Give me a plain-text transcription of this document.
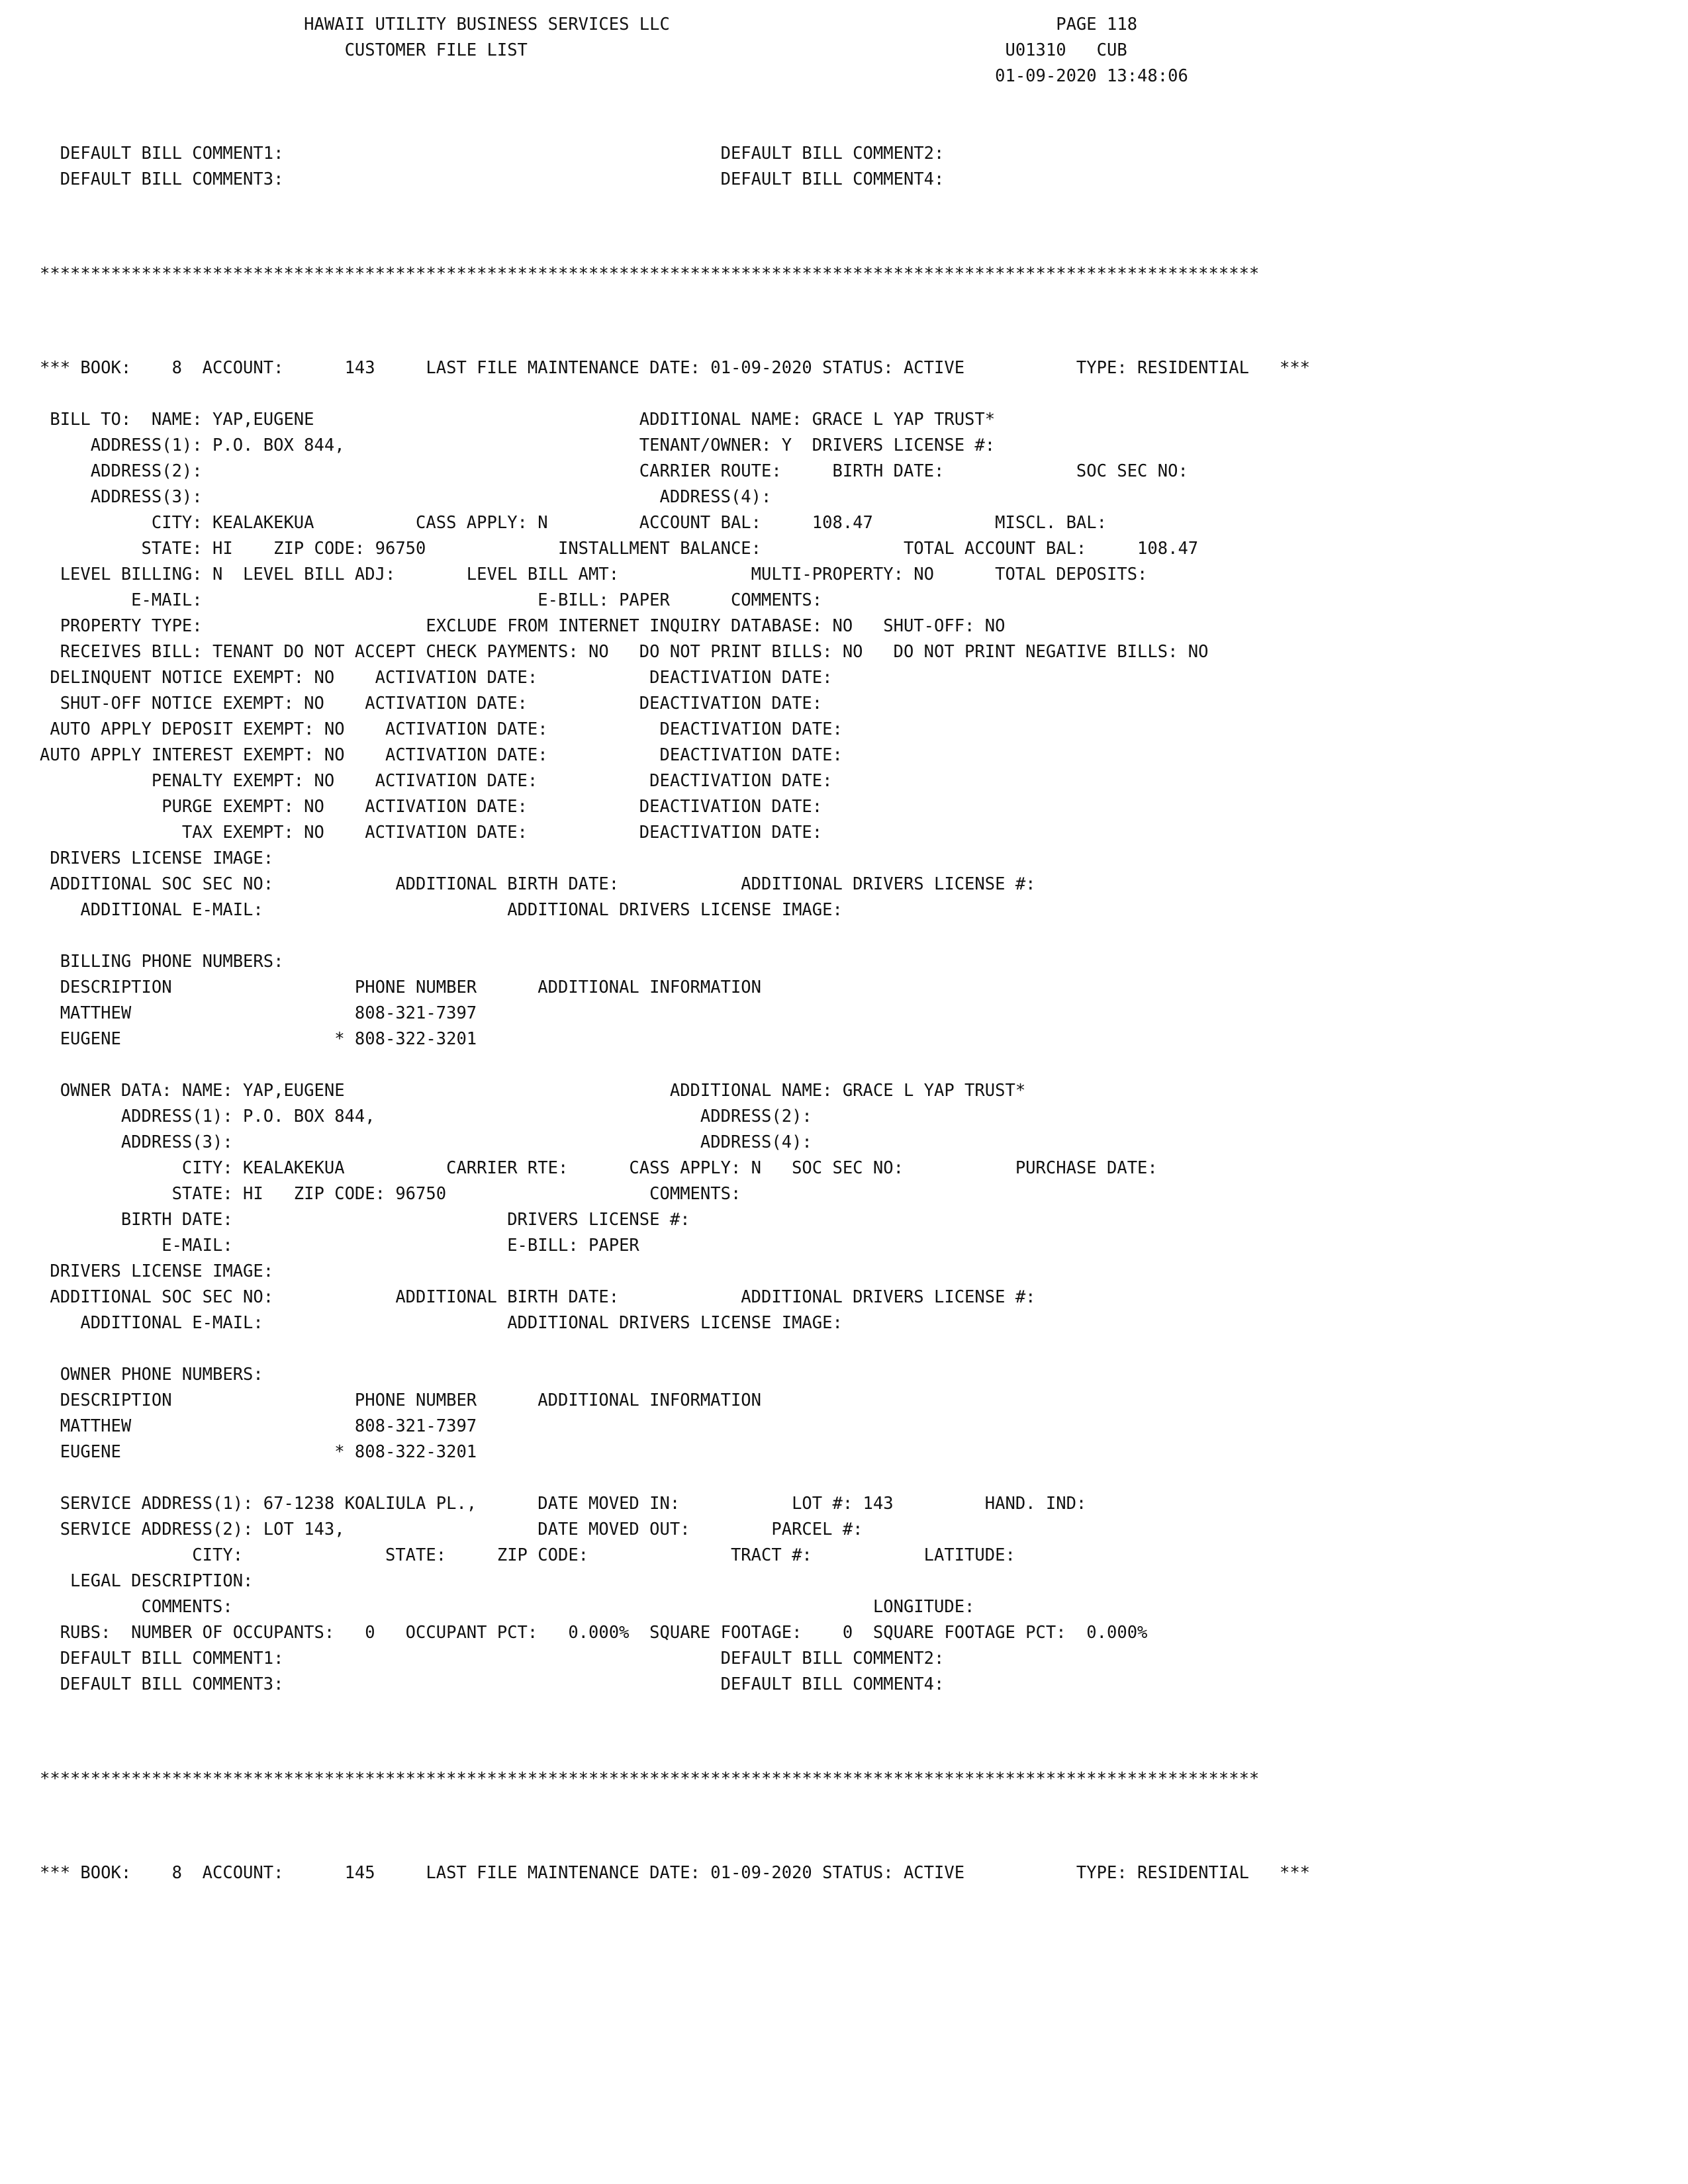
HAWAII UTILITY BUSINESS SERVICES LLC                                      PAGE 118
CUSTOMER FILE LIST                                               U01310   CUB
01-09-2020 13:48:06

DEFAULT BILL COMMENT1:                                           DEFAULT BILL COMMENT2:
DEFAULT BILL COMMENT3:                                           DEFAULT BILL COMMENT4:

************************************************************************************************************************

*** BOOK:    8  ACCOUNT:      143     LAST FILE MAINTENANCE DATE: 01-09-2020 STATUS: ACTIVE           TYPE: RESIDENTIAL   ***

BILL TO:  NAME: YAP,EUGENE                                ADDITIONAL NAME: GRACE L YAP TRUST*
ADDRESS(1): P.O. BOX 844,                             TENANT/OWNER: Y  DRIVERS LICENSE #:
ADDRESS(2):                                           CARRIER ROUTE:     BIRTH DATE:             SOC SEC NO:
ADDRESS(3):                                             ADDRESS(4):
CITY: KEALAKEKUA          CASS APPLY: N         ACCOUNT BAL:     108.47            MISCL. BAL:
STATE: HI    ZIP CODE: 96750             INSTALLMENT BALANCE:              TOTAL ACCOUNT BAL:     108.47
LEVEL BILLING: N  LEVEL BILL ADJ:       LEVEL BILL AMT:             MULTI-PROPERTY: NO      TOTAL DEPOSITS:
E-MAIL:                                 E-BILL: PAPER      COMMENTS:
PROPERTY TYPE:                      EXCLUDE FROM INTERNET INQUIRY DATABASE: NO   SHUT-OFF: NO
RECEIVES BILL: TENANT DO NOT ACCEPT CHECK PAYMENTS: NO   DO NOT PRINT BILLS: NO   DO NOT PRINT NEGATIVE BILLS: NO
DELINQUENT NOTICE EXEMPT: NO    ACTIVATION DATE:           DEACTIVATION DATE:
SHUT-OFF NOTICE EXEMPT: NO    ACTIVATION DATE:           DEACTIVATION DATE:
AUTO APPLY DEPOSIT EXEMPT: NO    ACTIVATION DATE:           DEACTIVATION DATE:
AUTO APPLY INTEREST EXEMPT: NO    ACTIVATION DATE:           DEACTIVATION DATE:
PENALTY EXEMPT: NO    ACTIVATION DATE:           DEACTIVATION DATE:
PURGE EXEMPT: NO    ACTIVATION DATE:           DEACTIVATION DATE:
TAX EXEMPT: NO    ACTIVATION DATE:           DEACTIVATION DATE:
DRIVERS LICENSE IMAGE:
ADDITIONAL SOC SEC NO:            ADDITIONAL BIRTH DATE:            ADDITIONAL DRIVERS LICENSE #:
ADDITIONAL E-MAIL:                        ADDITIONAL DRIVERS LICENSE IMAGE:

BILLING PHONE NUMBERS:
DESCRIPTION                  PHONE NUMBER      ADDITIONAL INFORMATION
MATTHEW                      808-321-7397
EUGENE                     * 808-322-3201

OWNER DATA: NAME: YAP,EUGENE                                ADDITIONAL NAME: GRACE L YAP TRUST*
ADDRESS(1): P.O. BOX 844,                                ADDRESS(2):
ADDRESS(3):                                              ADDRESS(4):
CITY: KEALAKEKUA          CARRIER RTE:      CASS APPLY: N   SOC SEC NO:           PURCHASE DATE:
STATE: HI   ZIP CODE: 96750                    COMMENTS:
BIRTH DATE:                           DRIVERS LICENSE #:
E-MAIL:                           E-BILL: PAPER
DRIVERS LICENSE IMAGE:
ADDITIONAL SOC SEC NO:            ADDITIONAL BIRTH DATE:            ADDITIONAL DRIVERS LICENSE #:
ADDITIONAL E-MAIL:                        ADDITIONAL DRIVERS LICENSE IMAGE:

OWNER PHONE NUMBERS:
DESCRIPTION                  PHONE NUMBER      ADDITIONAL INFORMATION
MATTHEW                      808-321-7397
EUGENE                     * 808-322-3201

SERVICE ADDRESS(1): 67-1238 KOALIULA PL.,      DATE MOVED IN:           LOT #: 143         HAND. IND:
SERVICE ADDRESS(2): LOT 143,                   DATE MOVED OUT:        PARCEL #:
CITY:              STATE:     ZIP CODE:              TRACT #:           LATITUDE:
LEGAL DESCRIPTION:
COMMENTS:                                                               LONGITUDE:
RUBS:  NUMBER OF OCCUPANTS:   0   OCCUPANT PCT:   0.000%  SQUARE FOOTAGE:    0  SQUARE FOOTAGE PCT:  0.000%
DEFAULT BILL COMMENT1:                                           DEFAULT BILL COMMENT2:
DEFAULT BILL COMMENT3:                                           DEFAULT BILL COMMENT4:

************************************************************************************************************************

*** BOOK:    8  ACCOUNT:      145     LAST FILE MAINTENANCE DATE: 01-09-2020 STATUS: ACTIVE           TYPE: RESIDENTIAL   ***
